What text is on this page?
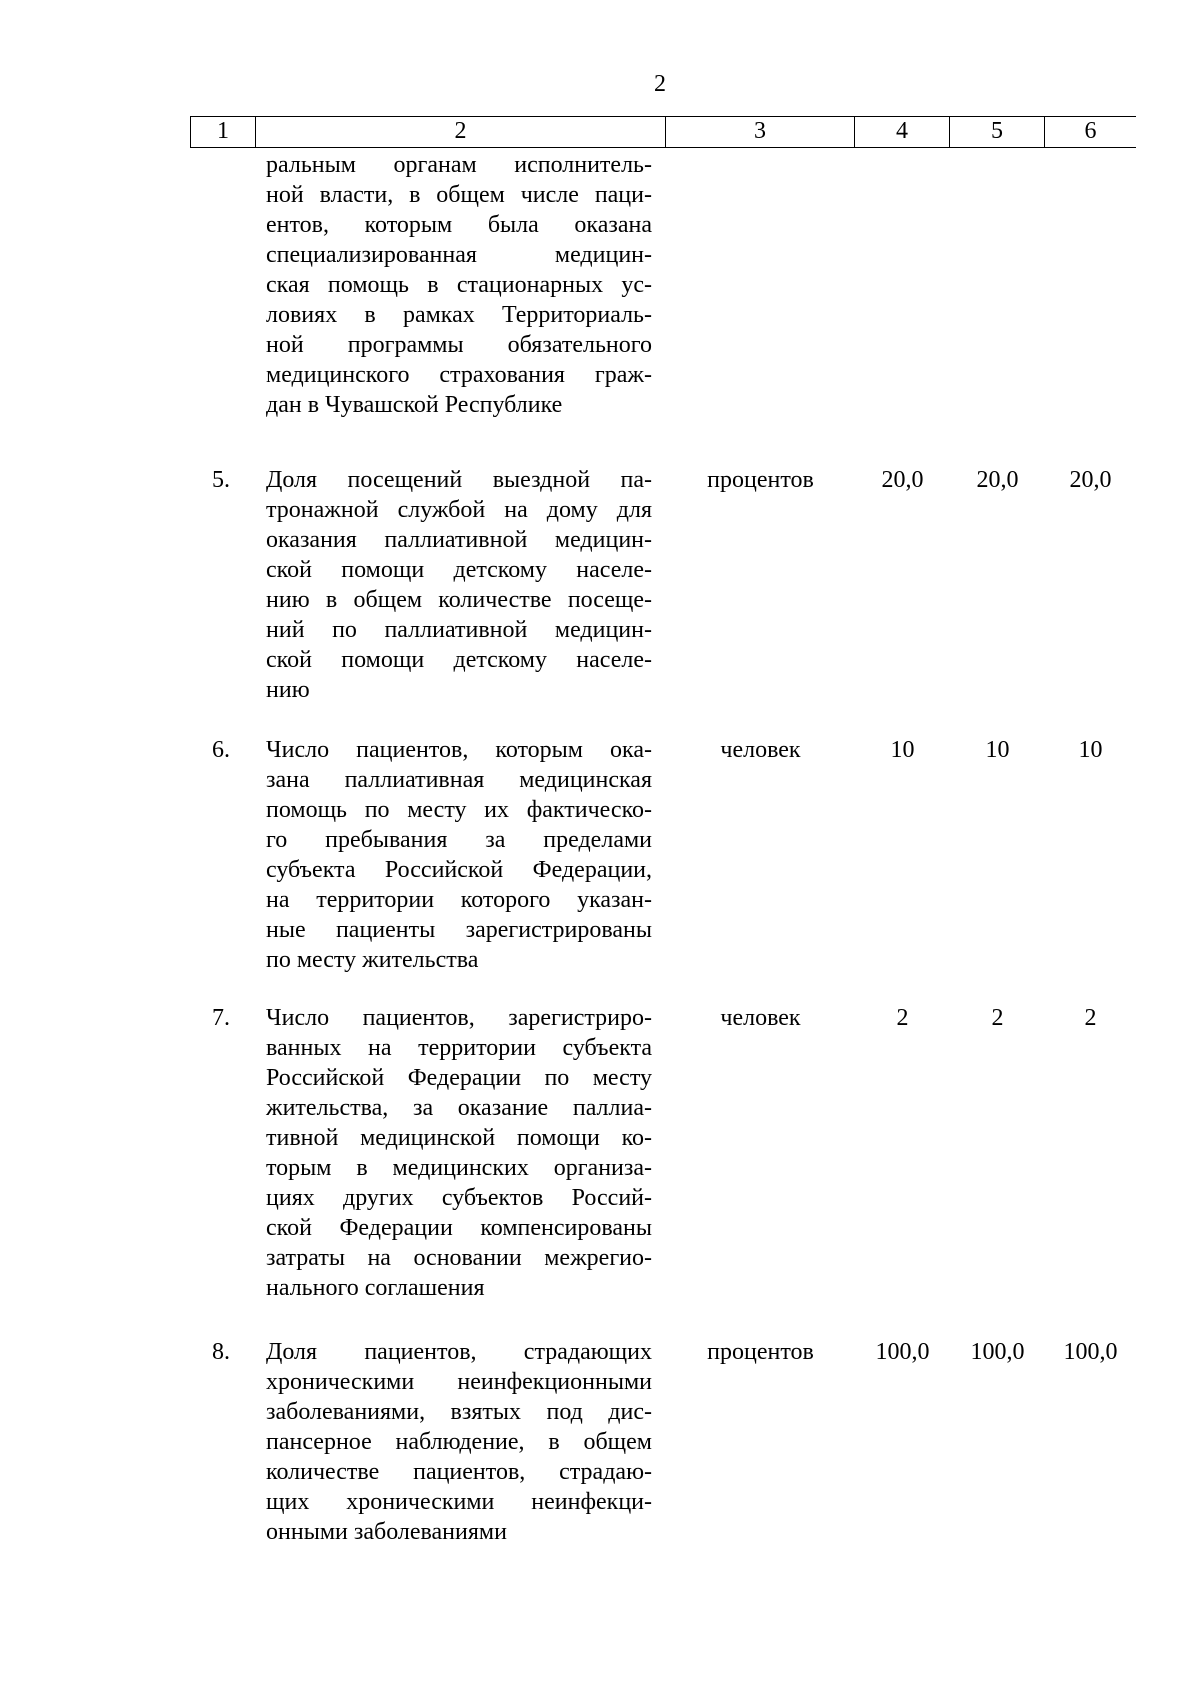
2
1	2	3	4	5	6
ральным органам исполнитель-
ной власти, в общем числе паци-
ентов, которым была оказана
специализированная медицин-
ская помощь в стационарных ус-
ловиях в рамках Территориаль-
ной программы обязательного
медицинского страхования граж-
дан в Чувашской Республике
5.	Доля посещений выездной па-
тронажной службой на дому для
оказания паллиативной медицин-
ской помощи детскому населе-
нию в общем количестве посеще-
ний по паллиативной медицин-
ской помощи детскому населе-
нию
процентов	20,0	20,0	20,0
6.	Число пациентов, которым ока-
зана паллиативная медицинская
помощь по месту их фактическо-
го пребывания за пределами
субъекта Российской Федерации,
на территории которого указан-
ные пациенты зарегистрированы
по месту жительства
человек	10	10	10
7.	Число пациентов, зарегистриро-
ванных на территории субъекта
Российской Федерации по месту
жительства, за оказание паллиа-
тивной медицинской помощи ко-
торым в медицинских организа-
циях других субъектов Россий-
ской Федерации компенсированы
затраты на основании межрегио-
нального соглашения
человек	2	2	2
8.	Доля пациентов, страдающих
хроническими неинфекционными
заболеваниями, взятых под дис-
пансерное наблюдение, в общем
количестве пациентов, страдаю-
щих хроническими неинфекци-
онными заболеваниями
процентов	100,0	100,0	100,0
